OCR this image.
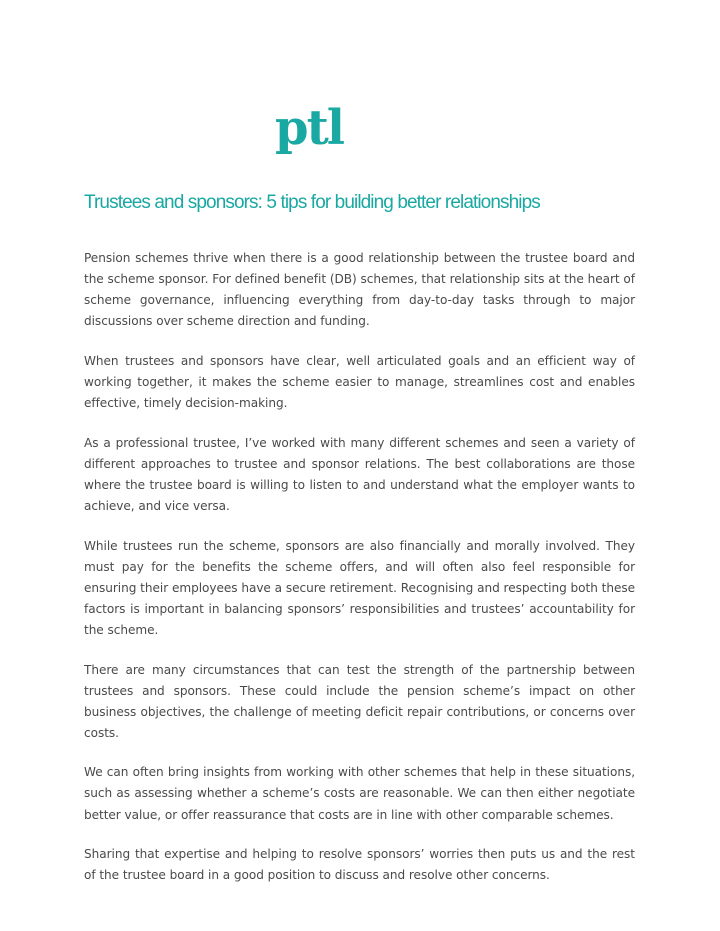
ptl
Trustees and sponsors: 5 tips for building better relationships

Pension schemes thrive when there is a good relationship between the trustee board and the scheme sponsor. For defined benefit (DB) schemes, that relationship sits at the heart of scheme governance, influencing everything from day-to-day tasks through to major discussions over scheme direction and funding.

When trustees and sponsors have clear, well articulated goals and an efficient way of working together, it makes the scheme easier to manage, streamlines cost and enables effective, timely decision-making.

As a professional trustee, I’ve worked with many different schemes and seen a variety of different approaches to trustee and sponsor relations. The best collaborations are those where the trustee board is willing to listen to and understand what the employer wants to achieve, and vice versa.

While trustees run the scheme, sponsors are also financially and morally involved. They must pay for the benefits the scheme offers, and will often also feel responsible for ensuring their employees have a secure retirement. Recognising and respecting both these factors is important in balancing sponsors’ responsibilities and trustees’ accountability for the scheme.

There are many circumstances that can test the strength of the partnership between trustees and sponsors. These could include the pension scheme’s impact on other business objectives, the challenge of meeting deficit repair contributions, or concerns over costs.

We can often bring insights from working with other schemes that help in these situations, such as assessing whether a scheme’s costs are reasonable. We can then either negotiate better value, or offer reassurance that costs are in line with other comparable schemes.

Sharing that expertise and helping to resolve sponsors’ worries then puts us and the rest of the trustee board in a good position to discuss and resolve other concerns.
